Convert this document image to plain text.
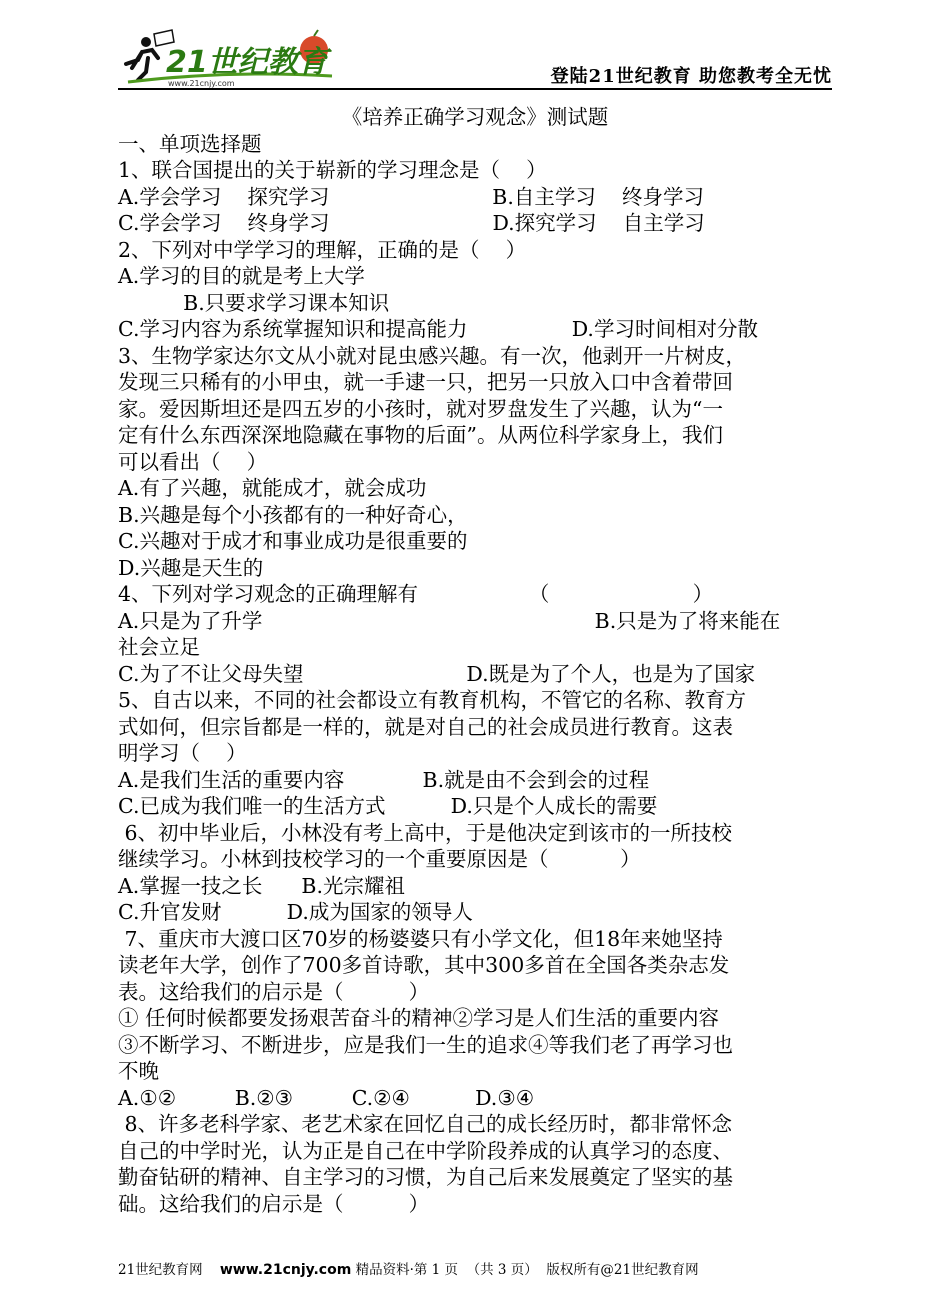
21世纪教育
www.21cnjy.com	登陆21世纪教育 助您教考全无忧
《培养正确学习观念》测试题
一、单项选择题
1、联合国提出的关于崭新的学习理念是（    ）
A.学会学习    探究学习                         B.自主学习    终身学习
C.学会学习    终身学习                         D.探究学习    自主学习
2、下列对中学学习的理解，正确的是（    ）
A.学习的目的就是考上大学
B.只要求学习课本知识
C.学习内容为系统掌握知识和提高能力                D.学习时间相对分散
3、生物学家达尔文从小就对昆虫感兴趣。有一次，他剥开一片树皮，
发现三只稀有的小甲虫，就一手逮一只，把另一只放入口中含着带回
家。爱因斯坦还是四五岁的小孩时，就对罗盘发生了兴趣，认为“一
定有什么东西深深地隐藏在事物的后面”。从两位科学家身上，我们
可以看出（    ）
A.有了兴趣，就能成才，就会成功
B.兴趣是每个小孩都有的一种好奇心，
C.兴趣对于成才和事业成功是很重要的
D.兴趣是天生的
4、下列对学习观念的正确理解有                 （                      ）
A.只是为了升学                                                   B.只是为了将来能在
社会立足
C.为了不让父母失望                         D.既是为了个人，也是为了国家
5、自古以来，不同的社会都设立有教育机构，不管它的名称、教育方
式如何，但宗旨都是一样的，就是对自己的社会成员进行教育。这表
明学习（    ）
A.是我们生活的重要内容            B.就是由不会到会的过程
C.已成为我们唯一的生活方式          D.只是个人成长的需要
6、初中毕业后，小林没有考上高中，于是他决定到该市的一所技校
继续学习。小林到技校学习的一个重要原因是（           ）
A.掌握一技之长      B.光宗耀祖
C.升官发财          D.成为国家的领导人
7、重庆市大渡口区70岁的杨婆婆只有小学文化，但18年来她坚持
读老年大学，创作了700多首诗歌，其中300多首在全国各类杂志发
表。这给我们的启示是（          ）
① 任何时候都要发扬艰苦奋斗的精神②学习是人们生活的重要内容
③不断学习、不断进步，应是我们一生的追求④等我们老了再学习也
不晚
A.①②         B.②③         C.②④          D.③④
8、许多老科学家、老艺术家在回忆自己的成长经历时，都非常怀念
自己的中学时光，认为正是自己在中学阶段养成的认真学习的态度、
勤奋钻研的精神、自主学习的习惯，为自己后来发展奠定了坚实的基
础。这给我们的启示是（          ）
21世纪教育网 www.21cnjy.com 精品资料·第 1 页  （共 3 页）  版权所有@21世纪教育网
